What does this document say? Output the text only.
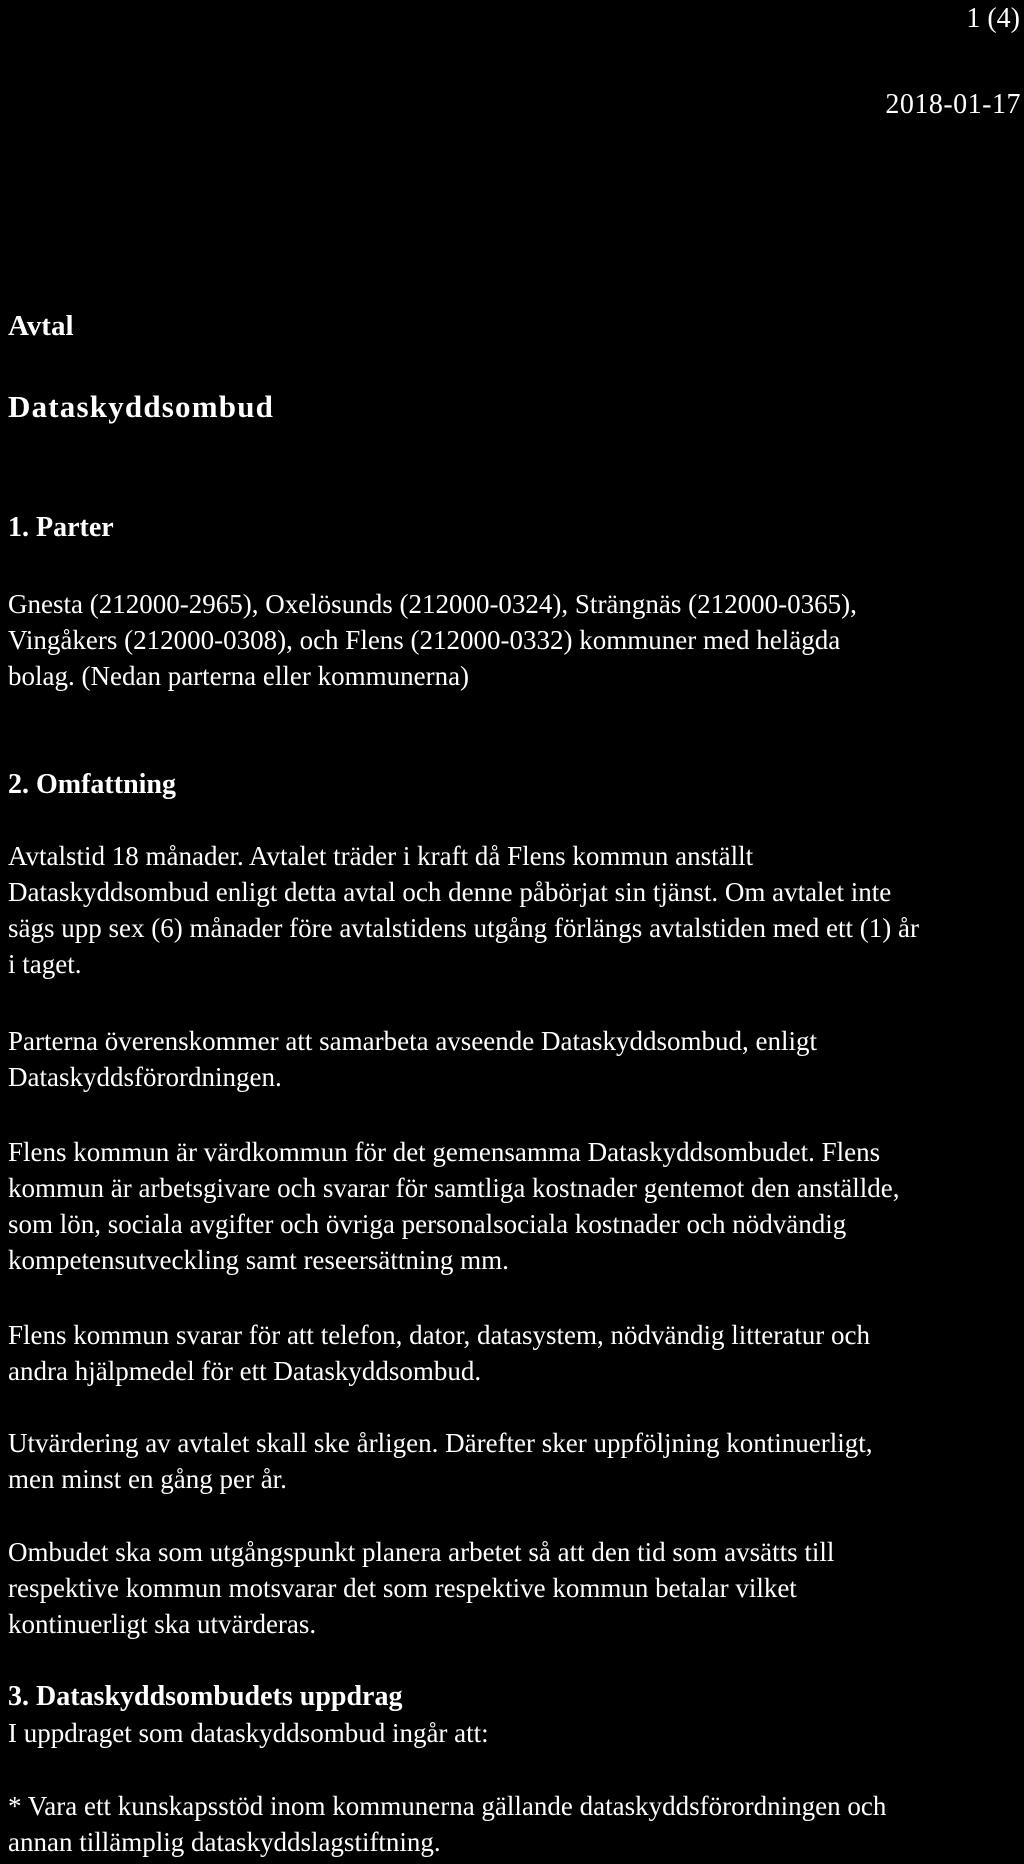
1 (4)
2018-01-17
Avtal
Dataskyddsombud
1. Parter
Gnesta (212000-2965), Oxelösunds (212000-0324), Strängnäs (212000-0365),
Vingåkers (212000-0308), och Flens (212000-0332) kommuner med helägda
bolag. (Nedan parterna eller kommunerna)
2. Omfattning
Avtalstid 18 månader. Avtalet träder i kraft då Flens kommun anställt
Dataskyddsombud enligt detta avtal och denne påbörjat sin tjänst. Om avtalet inte
sägs upp sex (6) månader före avtalstidens utgång förlängs avtalstiden med ett (1) år
i taget.
Parterna överenskommer att samarbeta avseende Dataskyddsombud, enligt
Dataskyddsförordningen.
Flens kommun är värdkommun för det gemensamma Dataskyddsombudet. Flens
kommun är arbetsgivare och svarar för samtliga kostnader gentemot den anställde,
som lön, sociala avgifter och övriga personalsociala kostnader och nödvändig
kompetensutveckling samt reseersättning mm.
Flens kommun svarar för att telefon, dator, datasystem, nödvändig litteratur och
andra hjälpmedel för ett Dataskyddsombud.
Utvärdering av avtalet skall ske årligen. Därefter sker uppföljning kontinuerligt,
men minst en gång per år.
Ombudet ska som utgångspunkt planera arbetet så att den tid som avsätts till
respektive kommun motsvarar det som respektive kommun betalar vilket
kontinuerligt ska utvärderas.
3. Dataskyddsombudets uppdrag
I uppdraget som dataskyddsombud ingår att:
* Vara ett kunskapsstöd inom kommunerna gällande dataskyddsförordningen och
annan tillämplig dataskyddslagstiftning.
